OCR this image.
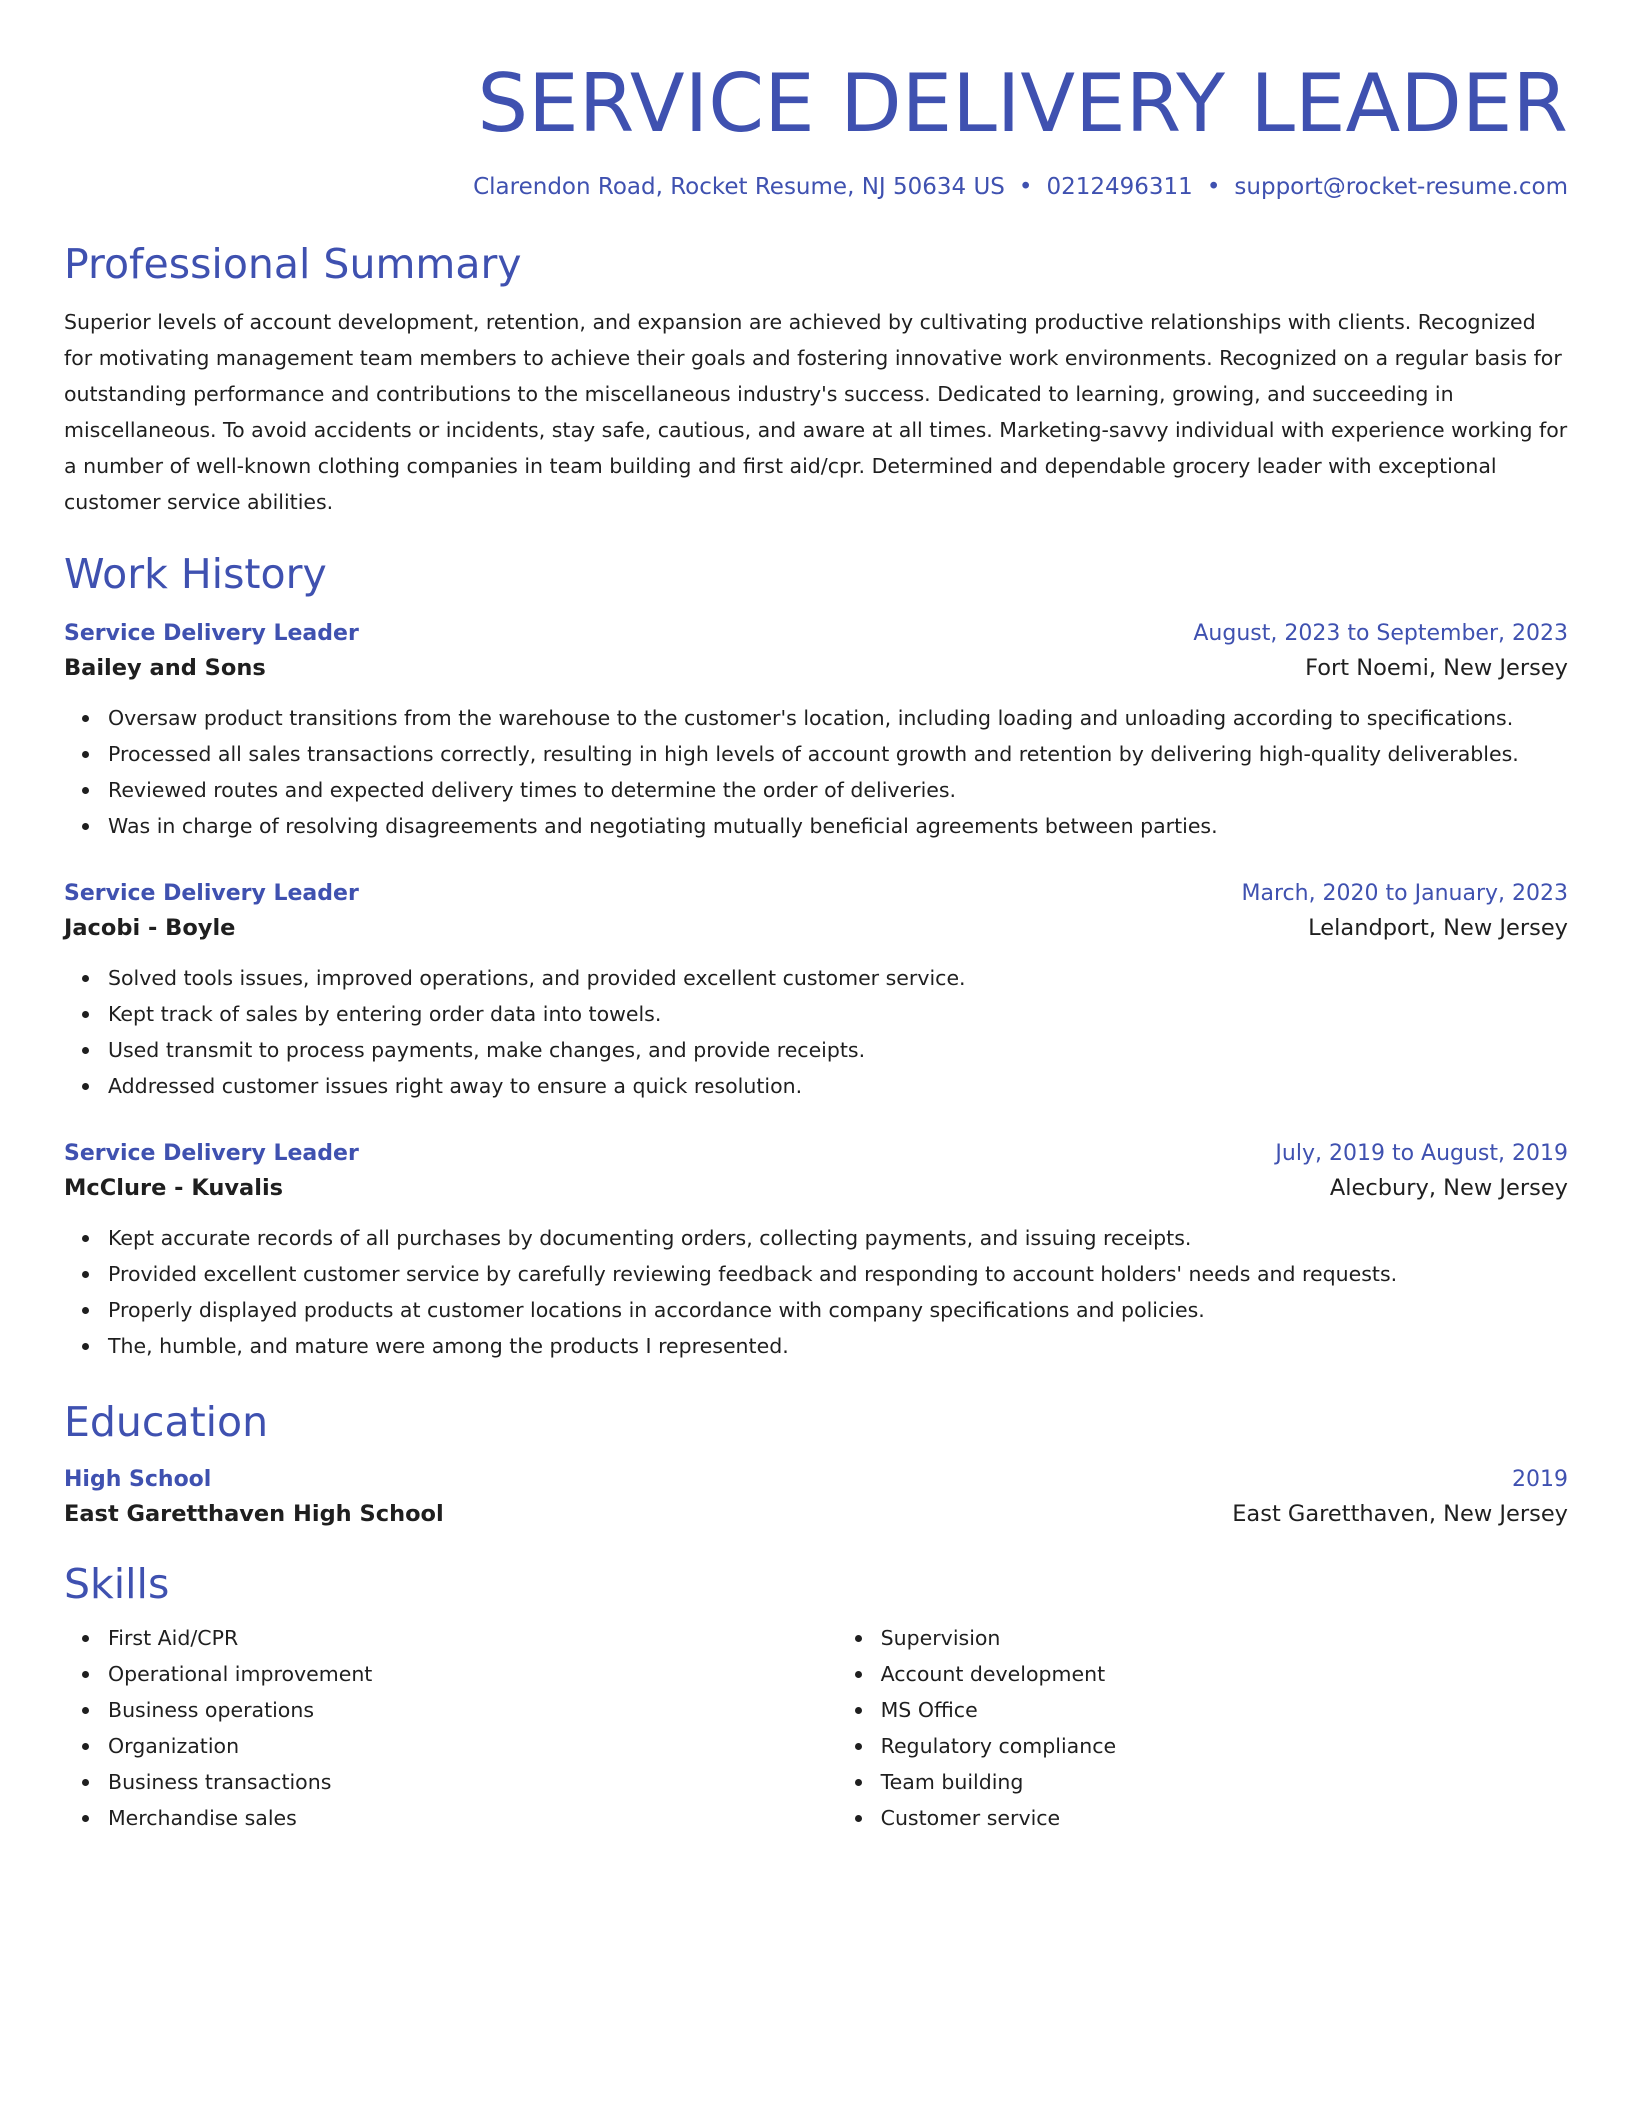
SERVICE DELIVERY LEADER
Clarendon Road, Rocket Resume, NJ 50634 US • 0212496311 • support@rocket-resume.com
Professional Summary

Superior levels of account development, retention, and expansion are achieved by cultivating productive relationships with clients. Recognized for motivating management team members to achieve their goals and fostering innovative work environments. Recognized on a regular basis for outstanding performance and contributions to the miscellaneous industry's success. Dedicated to learning, growing, and succeeding in miscellaneous. To avoid accidents or incidents, stay safe, cautious, and aware at all times. Marketing-savvy individual with experience working for a number of well-known clothing companies in team building and first aid/cpr. Determined and dependable grocery leader with exceptional customer service abilities.

Work History
Service Delivery Leader	August, 2023 to September, 2023
Bailey and Sons	Fort Noemi, New Jersey
Oversaw product transitions from the warehouse to the customer's location, including loading and unloading according to specifications.
Processed all sales transactions correctly, resulting in high levels of account growth and retention by delivering high-quality deliverables.
Reviewed routes and expected delivery times to determine the order of deliveries.
Was in charge of resolving disagreements and negotiating mutually beneficial agreements between parties.
Service Delivery Leader	March, 2020 to January, 2023
Jacobi - Boyle	Lelandport, New Jersey
Solved tools issues, improved operations, and provided excellent customer service.
Kept track of sales by entering order data into towels.
Used transmit to process payments, make changes, and provide receipts.
Addressed customer issues right away to ensure a quick resolution.
Service Delivery Leader	July, 2019 to August, 2019
McClure - Kuvalis	Alecbury, New Jersey
Kept accurate records of all purchases by documenting orders, collecting payments, and issuing receipts.
Provided excellent customer service by carefully reviewing feedback and responding to account holders' needs and requests.
Properly displayed products at customer locations in accordance with company specifications and policies.
The, humble, and mature were among the products I represented.
Education
High School	2019
East Garetthaven High School	East Garetthaven, New Jersey
Skills
First Aid/CPR
Operational improvement
Business operations
Organization
Business transactions
Merchandise sales
Supervision
Account development
MS Office
Regulatory compliance
Team building
Customer service
